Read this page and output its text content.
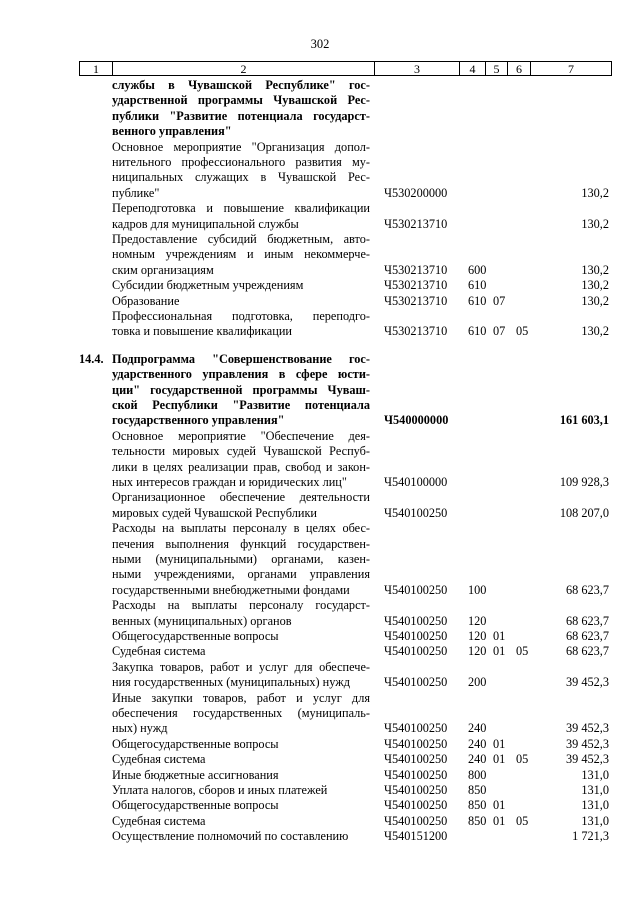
302
1	2	3	4	5	6	7
службы в Чувашской Республике" гос-
ударственной программы Чувашской Рес-
публики "Развитие потенциала государст-
венного управления"
Основное мероприятие "Организация допол-
нительного профессионального развития му-
ниципальных служащих в Чувашской Рес-
публике"	Ч530200000	130,2
Переподготовка и повышение квалификации
кадров для муниципальной службы	Ч530213710	130,2
Предоставление субсидий бюджетным, авто-
номным учреждениям и иным некоммерче-
ским организациям	Ч530213710 600	130,2
Субсидии бюджетным учреждениям	Ч530213710 610	130,2
Образование	Ч530213710 610 07	130,2
Профессиональная подготовка, переподго-
товка и повышение квалификации	Ч530213710 610 07 05	130,2
14.4. Подпрограмма "Совершенствование гос-
ударственного управления в сфере юсти-
ции" государственной программы Чуваш-
ской Республики "Развитие потенциала
государственного управления"	Ч540000000	161 603,1
Основное мероприятие "Обеспечение дея-
тельности мировых судей Чувашской Респуб-
лики в целях реализации прав, свобод и закон-
ных интересов граждан и юридических лиц"	Ч540100000	109 928,3
Организационное обеспечение деятельности
мировых судей Чувашской Республики	Ч540100250	108 207,0
Расходы на выплаты персоналу в целях обес-
печения выполнения функций государствен-
ными (муниципальными) органами, казен-
ными учреждениями, органами управления
государственными внебюджетными фондами	Ч540100250 100	68 623,7
Расходы на выплаты персоналу государст-
венных (муниципальных) органов	Ч540100250 120	68 623,7
Общегосударственные вопросы	Ч540100250 120 01	68 623,7
Судебная система	Ч540100250 120 01 05	68 623,7
Закупка товаров, работ и услуг для обеспече-
ния государственных (муниципальных) нужд	Ч540100250 200	39 452,3
Иные закупки товаров, работ и услуг для
обеспечения государственных (муниципаль-
ных) нужд	Ч540100250 240	39 452,3
Общегосударственные вопросы	Ч540100250 240 01	39 452,3
Судебная система	Ч540100250 240 01 05	39 452,3
Иные бюджетные ассигнования	Ч540100250 800	131,0
Уплата налогов, сборов и иных платежей	Ч540100250 850	131,0
Общегосударственные вопросы	Ч540100250 850 01	131,0
Судебная система	Ч540100250 850 01 05	131,0
Осуществление полномочий по составлению	Ч540151200	1 721,3
